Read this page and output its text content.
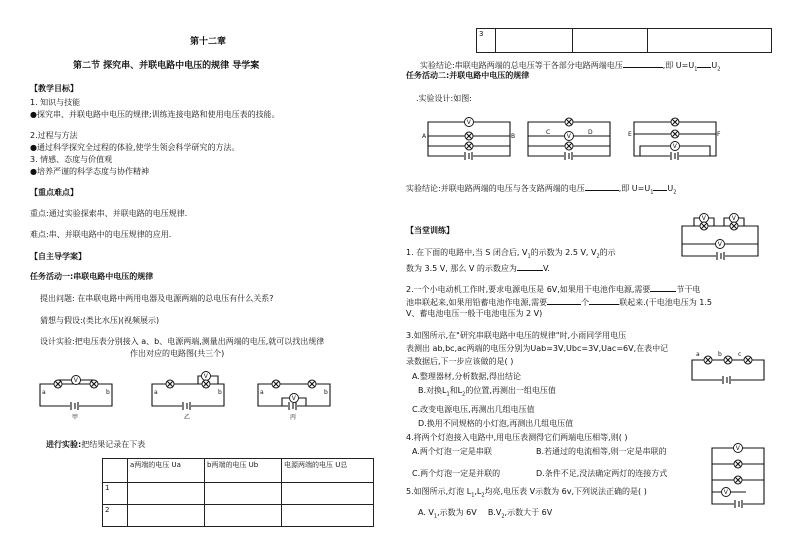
第十二章
第二节 探究串、并联电路中电压的规律 导学案
【教学目标】
1. 知识与技能
●探究串、并联电路中电压的规律;训练连接电路和使用电压表的技能。
2.过程与方法
●通过科学探究全过程的体验,使学生领会科学研究的方法。
3. 情感、态度与价值观
●培养严谨的科学态度与协作精神
【重点难点】
重点:通过实验探索串、并联电路的电压规律.
难点:串、并联电路中的电压规律的应用.
【自主导学案】
任务活动一:串联电路中电压的规律
提出问题: 在串联电路中两用电器及电源两端的总电压有什么关系?
猜想与假设:(类比水压)(视频展示)
设计实验:把电压表分别接入 a、b、电源两端,测量出两端的电压,就可以找出规律
作出对应的电路图(共三个)
V
a	b
甲
V
a	b
乙
V
a	b
丙
进行实验:把结果记录在下表
	a两端的电压 Ua	b两端的电压 Ub	电源两端的电压 U总
1			
2			
3			
实验结论:串联电路两端的总电压等于各部分电路两端电压	,即 $U=U_1$ $U_2$
任务活动二:并联电路中电压的规律
.实验设计:如图:
V
A	B	V
C	D
V
E	F
实验结论:并联电路两端的电压与各支路两端的电压	,即 $U=U_1$ $U_2$
【当堂训练】
V	V
V
1. 在下面的电路中,当 S 闭合后, $V_1$的示数为 2.5 V, $V_2$的示
数为 3.5 V, 那么 V 的示数应为	V.
2.一个小电动机工作时,要求电源电压是 6V,如果用干电池作电源,需要	节干电
池串联起来,如果用铅蓄电池作电源,需要	个	联起来.(干电池电压为 1.5
V、蓄电池电压一般干电池电压为 2 V)
3.如图所示,在"研究串联电路中电压的规律"时,小雨同学用电压
表测出 ab,bc,ac两端的电压分别为Uab=3V,Ubc=3V,Uac=6V,在表中记
录数据后,下一步应该做的是( )
A.整理器材,分析数据,得出结论
B.对换$L_1$和$L_2$的位置,再测出一组电压值
a	b	c
C.改变电源电压,再测出几组电压值
D.换用不同规格的小灯泡,再测出几组电压值
4.将两个灯泡接入电路中,用电压表测得它们两端电压相等,则( )
A.两个灯泡一定是串联	B.若通过的电流相等,则一定是串联的
C.两个灯泡一定是并联的	D.条件不足,没法确定两灯的连接方式
V
V
5.如图所示,灯泡 $L_1,L_2$均亮,电压表 V示数为 6v,下列说法正确的是( )
A. $V_1$,示数为 6V $B.V_2$,示数大于 6V
